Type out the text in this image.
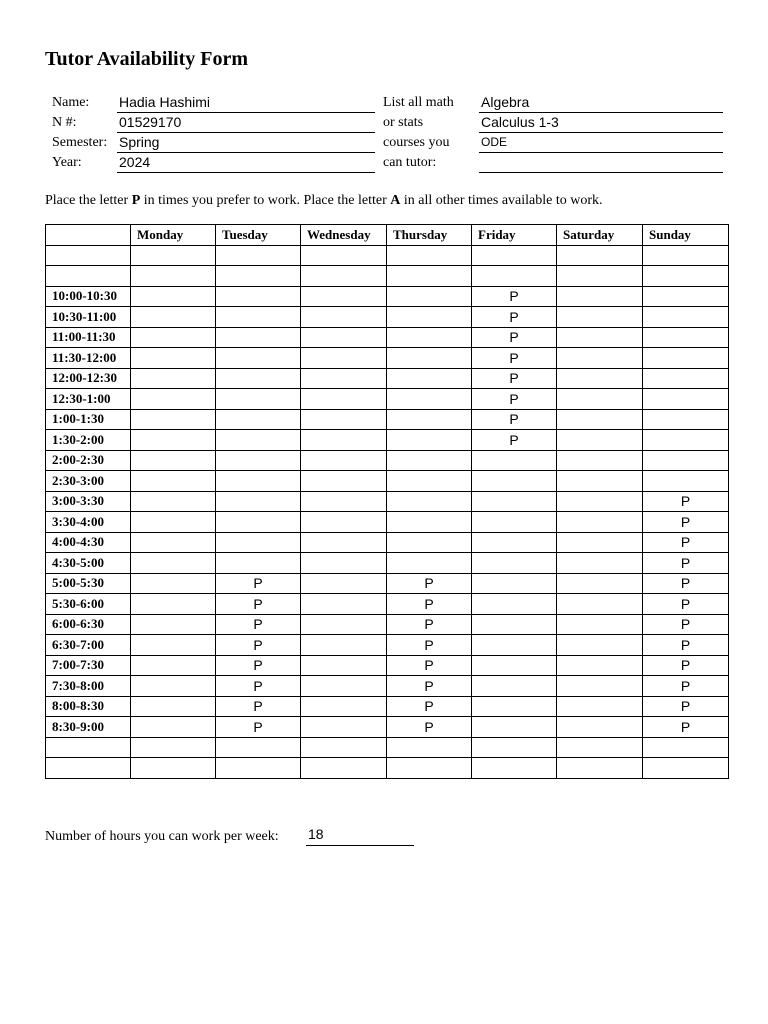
Tutor Availability Form
Name: Hadia Hashimi
N #:	01529170
Semester: Spring
Year:	2024
List all math
or stats
courses you
can tutor:
Algebra
Calculus 1-3
ODE
Place the letter P in times you prefer to work. Place the letter A in all other times available to work.
	Monday	Tuesday	Wednesday	Thursday	Friday	Saturday	Sunday

10:00-10:30					P		
10:30-11:00					P		
11:00-11:30					P		
11:30-12:00					P		
12:00-12:30					P		
12:30-1:00					P		
1:00-1:30					P		
1:30-2:00					P		
2:00-2:30							
2:30-3:00							
3:00-3:30							P
3:30-4:00							P
4:00-4:30							P
4:30-5:00							P
5:00-5:30		P		P			P
5:30-6:00		P		P			P
6:00-6:30		P		P			P
6:30-7:00		P		P			P
7:00-7:30		P		P			P
7:30-8:00		P		P			P
8:00-8:30		P		P			P
8:30-9:00		P		P			P

Number of hours you can work per week: 18
